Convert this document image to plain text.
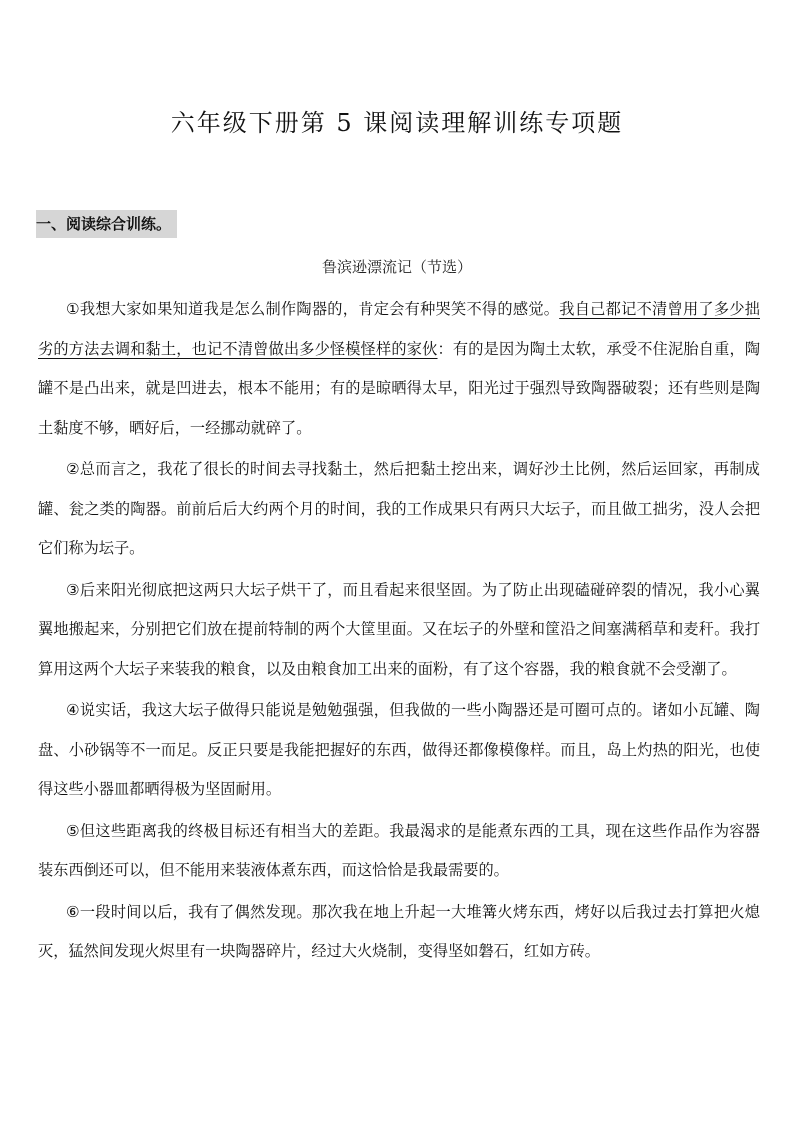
六年级下册第 5 课阅读理解训练专项题
一、阅读综合训练。
鲁滨逊漂流记（节选）

①我想大家如果知道我是怎么制作陶器的，肯定会有种哭笑不得的感觉。我自己都记不清曾用了多少拙劣的方法去调和黏土，也记不清曾做出多少怪模怪样的家伙：有的是因为陶土太软，承受不住泥胎自重，陶罐不是凸出来，就是凹进去，根本不能用；有的是晾晒得太早，阳光过于强烈导致陶器破裂；还有些则是陶土黏度不够，晒好后，一经挪动就碎了。

②总而言之，我花了很长的时间去寻找黏土，然后把黏土挖出来，调好沙土比例，然后运回家，再制成罐、瓮之类的陶器。前前后后大约两个月的时间，我的工作成果只有两只大坛子，而且做工拙劣，没人会把它们称为坛子。

③后来阳光彻底把这两只大坛子烘干了，而且看起来很坚固。为了防止出现磕碰碎裂的情况，我小心翼翼地搬起来，分别把它们放在提前特制的两个大筐里面。又在坛子的外壁和筐沿之间塞满稻草和麦秆。我打算用这两个大坛子来装我的粮食，以及由粮食加工出来的面粉，有了这个容器，我的粮食就不会受潮了。

④说实话，我这大坛子做得只能说是勉勉强强，但我做的一些小陶器还是可圈可点的。诸如小瓦罐、陶盘、小砂锅等不一而足。反正只要是我能把握好的东西，做得还都像模像样。而且，岛上灼热的阳光，也使得这些小器皿都晒得极为坚固耐用。

⑤但这些距离我的终极目标还有相当大的差距。我最渴求的是能煮东西的工具，现在这些作品作为容器装东西倒还可以，但不能用来装液体煮东西，而这恰恰是我最需要的。

⑥一段时间以后，我有了偶然发现。那次我在地上升起一大堆篝火烤东西，烤好以后我过去打算把火熄灭，猛然间发现火烬里有一块陶器碎片，经过大火烧制，变得坚如磐石，红如方砖。
